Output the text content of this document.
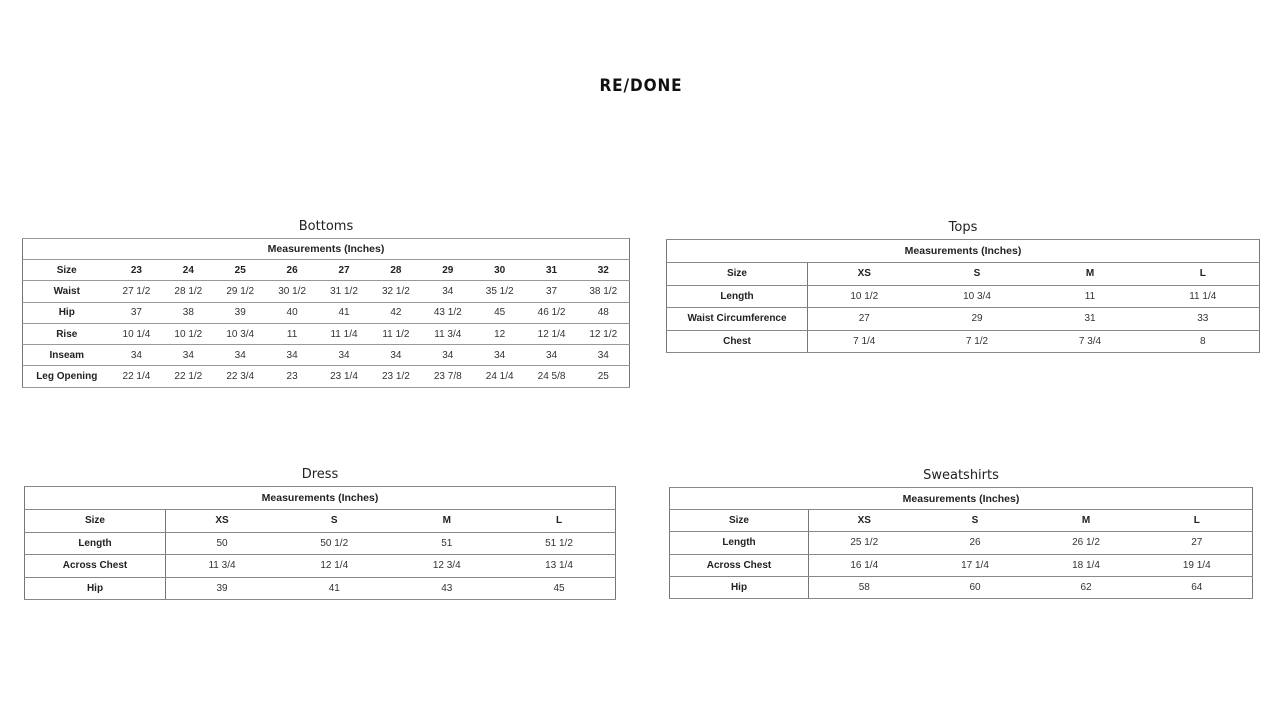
RE/DONE
Bottoms
Measurements (Inches)										
Size	23	24	25	26	27	28	29	30	31	32
Waist	27 1/2	28 1/2	29 1/2	30 1/2	31 1/2	32 1/2	34	35 1/2	37	38 1/2
Hip	37	38	39	40	41	42	43 1/2	45	46 1/2	48
Rise	10 1/4	10 1/2	10 3/4	11	11 1/4	11 1/2	11 3/4	12	12 1/4	12 1/2
Inseam	34	34	34	34	34	34	34	34	34	34
Leg Opening	22 1/4	22 1/2	22 3/4	23	23 1/4	23 1/2	23 7/8	24 1/4	24 5/8	25
Tops
Measurements (Inches)				
Size	XS	S	M	L
Length	10 1/2	10 3/4	11	11 1/4
Waist Circumference	27	29	31	33
Chest	7 1/4	7 1/2	7 3/4	8
Dress
Measurements (Inches)				
Size	XS	S	M	L
Length	50	50 1/2	51	51 1/2
Across Chest	11 3/4	12 1/4	12 3/4	13 1/4
Hip	39	41	43	45
Sweatshirts
Measurements (Inches)				
Size	XS	S	M	L
Length	25 1/2	26	26 1/2	27
Across Chest	16 1/4	17 1/4	18 1/4	19 1/4
Hip	58	60	62	64
